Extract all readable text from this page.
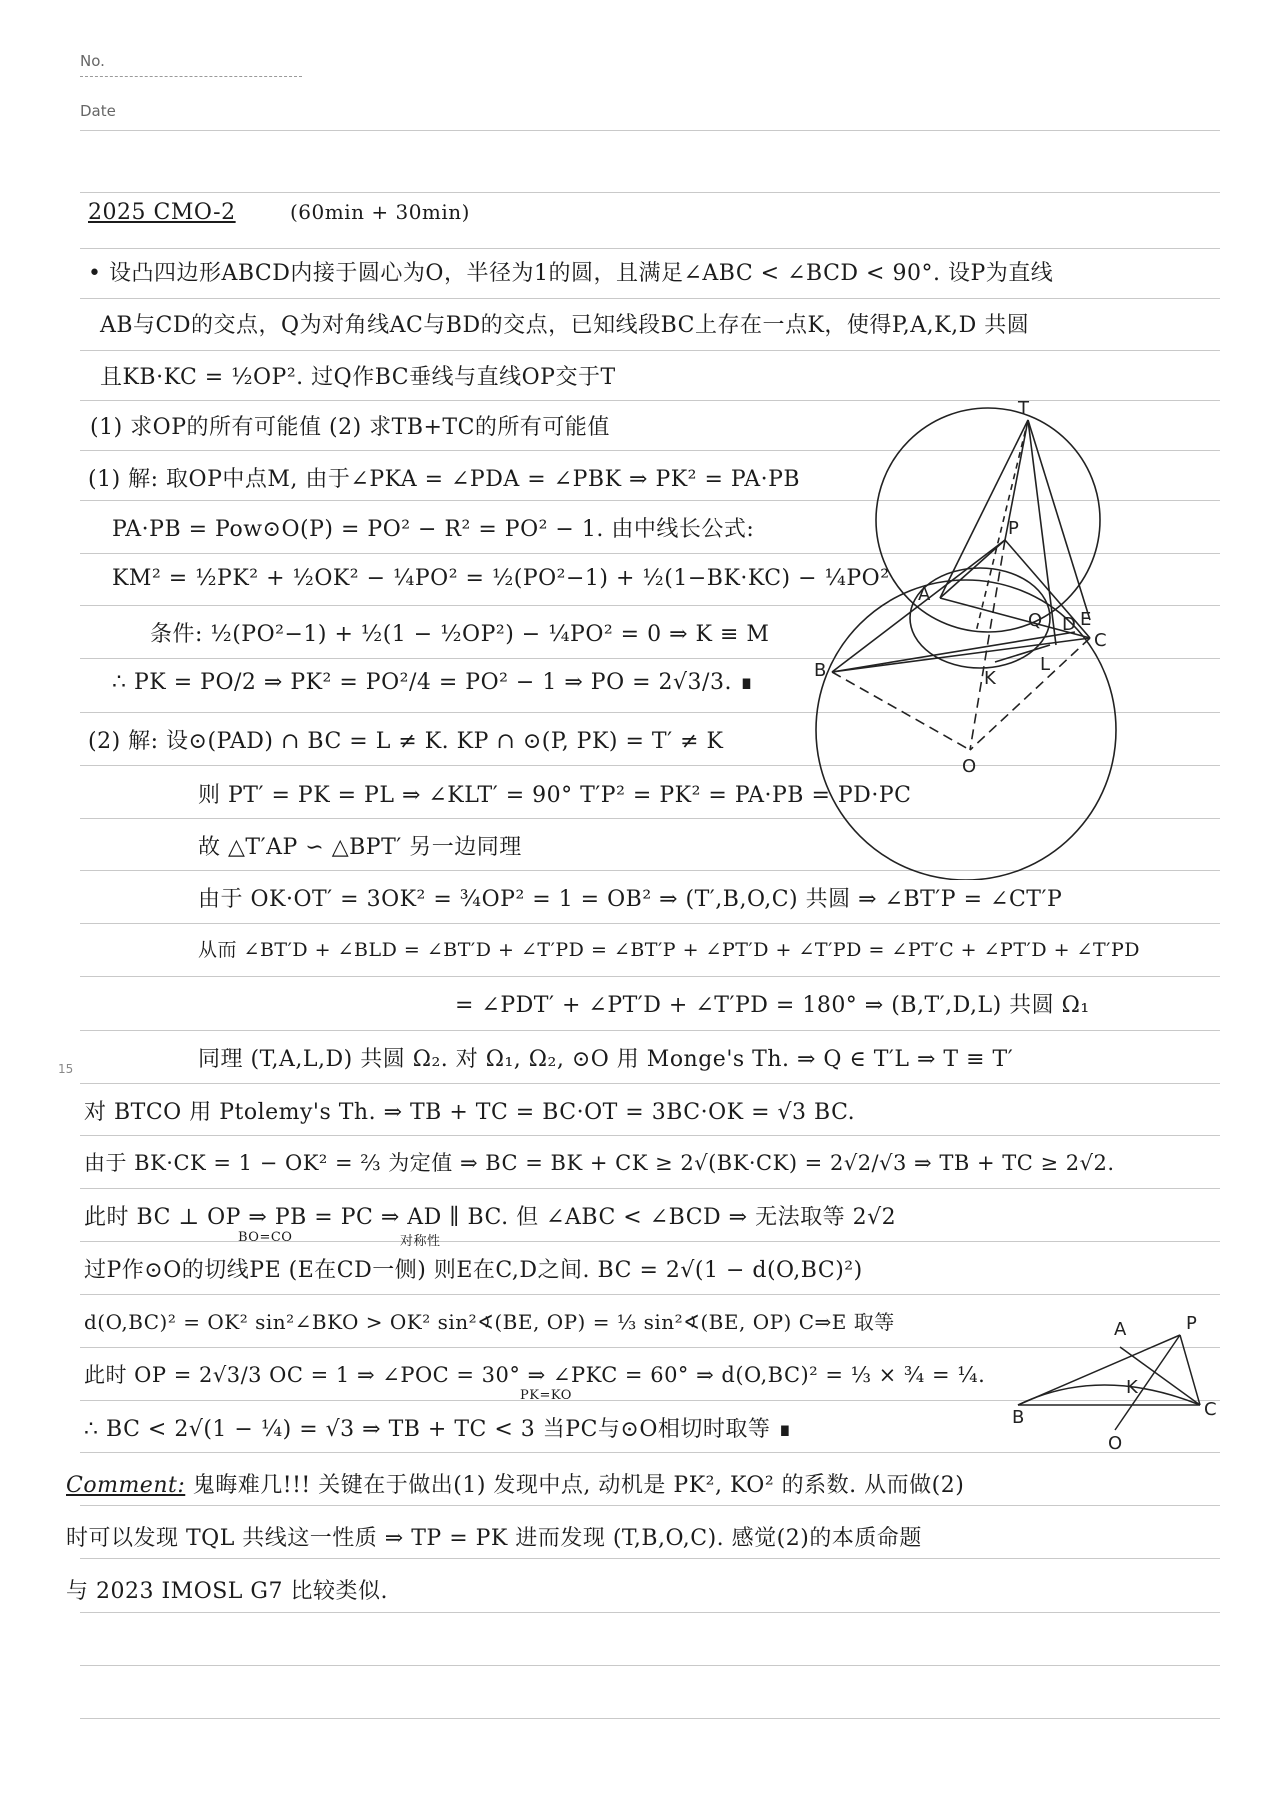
No.
Date
15
2025 CMO-2	(60min + 30min)
• 设凸四边形ABCD内接于圆心为O，半径为1的圆，且满足∠ABC < ∠BCD < 90°. 设P为直线
AB与CD的交点，Q为对角线AC与BD的交点，已知线段BC上存在一点K，使得P,A,K,D 共圆
且KB·KC = ½OP². 过Q作BC垂线与直线OP交于T
(1) 求OP的所有可能值 (2) 求TB+TC的所有可能值
(1) 解: 取OP中点M, 由于∠PKA = ∠PDA = ∠PBK ⇒ PK² = PA·PB
PA·PB = Pow⊙O(P) = PO² − R² = PO² − 1. 由中线长公式:
KM² = ½PK² + ½OK² − ¼PO² = ½(PO²−1) + ½(1−BK·KC) − ¼PO²
条件: ½(PO²−1) + ½(1 − ½OP²) − ¼PO² = 0 ⇒ K ≡ M
∴ PK = PO/2 ⇒ PK² = PO²/4 = PO² − 1 ⇒ PO = 2√3/3. ∎
(2) 解: 设⊙(PAD) ∩ BC = L ≠ K. KP ∩ ⊙(P, PK) = T′ ≠ K
则 PT′ = PK = PL ⇒ ∠KLT′ = 90° T′P² = PK² = PA·PB = PD·PC
故 △T′AP ∽ △BPT′ 另一边同理
由于 OK·OT′ = 3OK² = ¾OP² = 1 = OB² ⇒ (T′,B,O,C) 共圆 ⇒ ∠BT′P = ∠CT′P
从而 ∠BT′D + ∠BLD = ∠BT′D + ∠T′PD = ∠BT′P + ∠PT′D + ∠T′PD = ∠PT′C + ∠PT′D + ∠T′PD
= ∠PDT′ + ∠PT′D + ∠T′PD = 180° ⇒ (B,T′,D,L) 共圆 Ω₁
同理 (T,A,L,D) 共圆 Ω₂. 对 Ω₁, Ω₂, ⊙O 用 Monge's Th. ⇒ Q ∈ T′L ⇒ T ≡ T′
对 BTCO 用 Ptolemy's Th. ⇒ TB + TC = BC·OT = 3BC·OK = √3 BC.
由于 BK·CK = 1 − OK² = ⅔ 为定值 ⇒ BC = BK + CK ≥ 2√(BK·CK) = 2√2/√3 ⇒ TB + TC ≥ 2√2.
此时 BC ⊥ OP ⇒ PB = PC ⇒ AD ∥ BC. 但 ∠ABC < ∠BCD ⇒ 无法取等 2√2
过P作⊙O的切线PE (E在CD一侧) 则E在C,D之间. BC = 2√(1 − d(O,BC)²)
d(O,BC)² = OK² sin²∠BKO > OK² sin²∢(BE, OP) = ⅓ sin²∢(BE, OP) C⇒E 取等
此时 OP = 2√3/3 OC = 1 ⇒ ∠POC = 30° ⇒ ∠PKC = 60° ⇒ d(O,BC)² = ⅓ × ¾ = ¼.
∴ BC < 2√(1 − ¼) = √3 ⇒ TB + TC < 3 当PC与⊙O相切时取等 ∎
BO=CO	对称性
PK=KO
Comment: 鬼晦难几!!! 关键在于做出(1) 发现中点, 动机是 PK², KO² 的系数. 从而做(2)
时可以发现 TQL 共线这一性质 ⇒ TP = PK 进而发现 (T,B,O,C). 感觉(2)的本质命题
与 2023 IMOSL G7 比较类似.
T
P
A
Q D E
C
B	K
L
O
A	P
K
B	C
O
